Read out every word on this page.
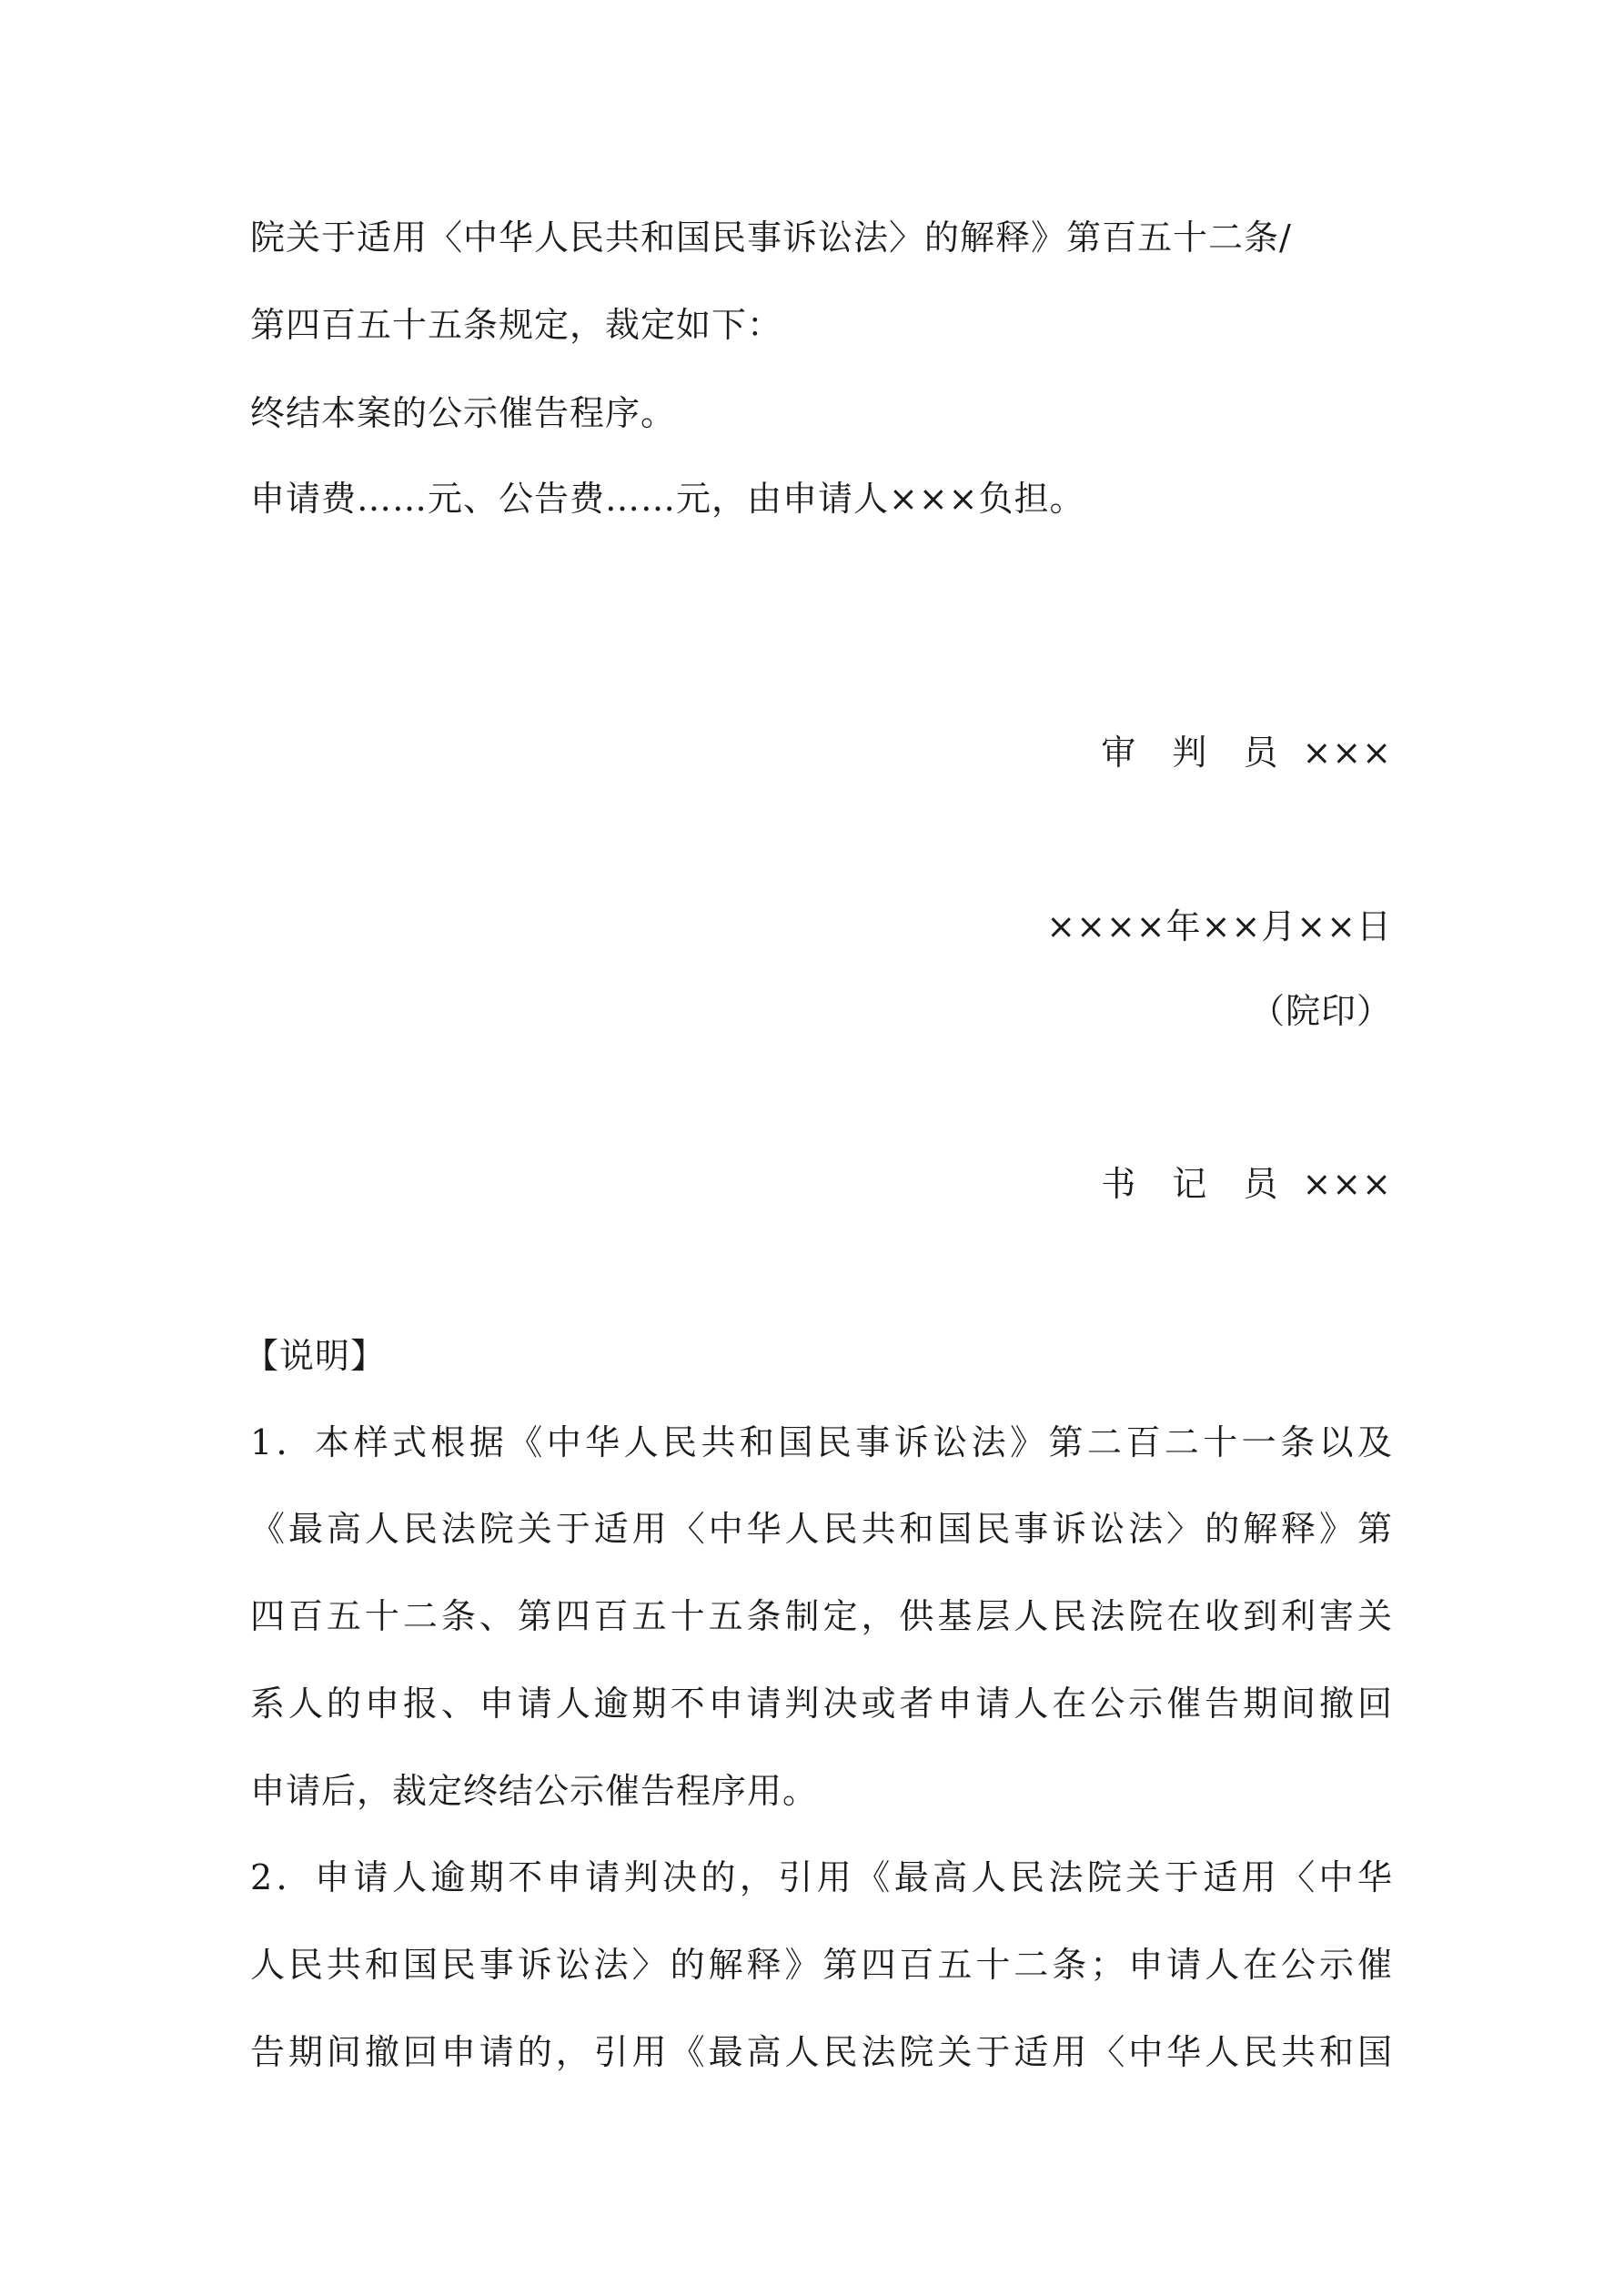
院关于适用〈中华人民共和国民事诉讼法〉的解释》第百五十二条/
第四百五十五条规定，裁定如下：
终结本案的公示催告程序。
申请费……元、公告费……元，由申请人×××负担。
审 判 员 ×××
××××年××月××日
（院印）
书 记 员 ×××
【说明】
1．本样式根据《中华人民共和国民事诉讼法》第二百二十一条以及
《最高人民法院关于适用〈中华人民共和国民事诉讼法〉的解释》第
四百五十二条、第四百五十五条制定，供基层人民法院在收到利害关
系人的申报、申请人逾期不申请判决或者申请人在公示催告期间撤回
申请后，裁定终结公示催告程序用。
2．申请人逾期不申请判决的，引用《最高人民法院关于适用〈中华
人民共和国民事诉讼法〉的解释》第四百五十二条；申请人在公示催
告期间撤回申请的，引用《最高人民法院关于适用〈中华人民共和国
